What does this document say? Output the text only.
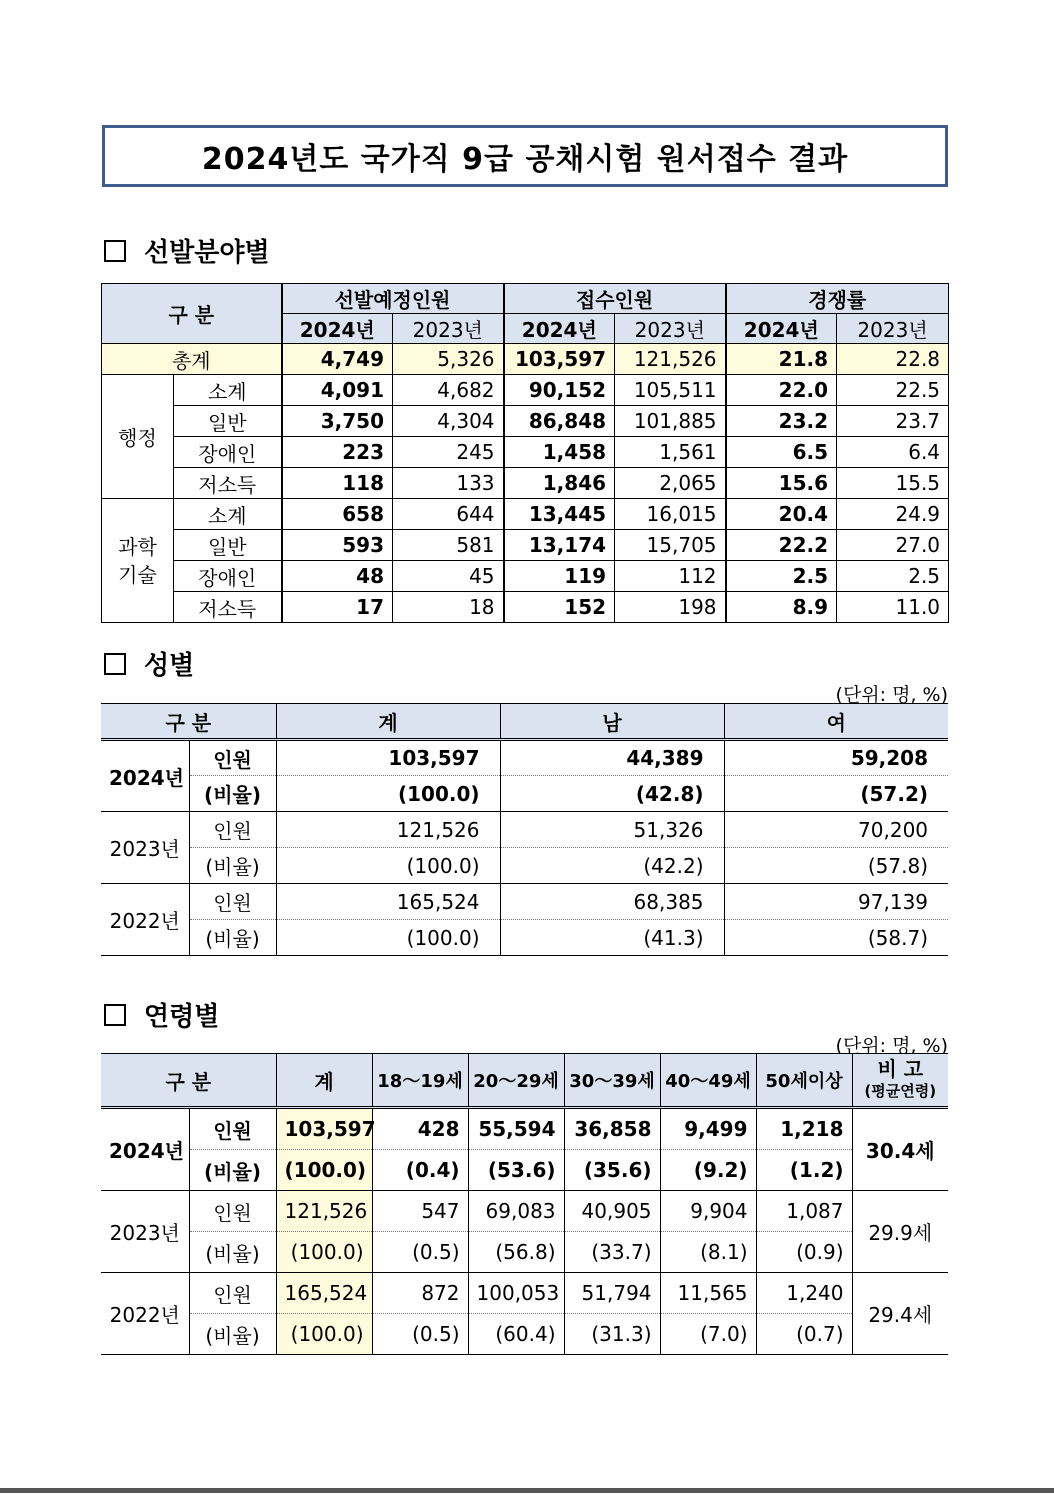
2024년도 국가직 9급 공채시험 원서접수 결과
선발분야별
구 분		선발예정인원		접수인원		경쟁률	
		2024년	2023년	2024년	2023년	2024년	2023년
총계		4,749	5,326	103,597	121,526	21.8	22.8
행정	소계	4,091	4,682	90,152	105,511	22.0	22.5
	일반	3,750	4,304	86,848	101,885	23.2	23.7
	장애인	223	245	1,458	1,561	6.5	6.4
	저소득	118	133	1,846	2,065	15.6	15.5
과학
기술	소계	658	644	13,445	16,015	20.4	24.9
	일반	593	581	13,174	15,705	22.2	27.0
	장애인	48	45	119	112	2.5	2.5
	저소득	17	18	152	198	8.9	11.0
성별
(단위: 명, %)
구 분		계	남	여
2024년	인원	103,597	44,389	59,208
	(비율)	(100.0)	(42.8)	(57.2)
2023년	인원	121,526	51,326	70,200
	(비율)	(100.0)	(42.2)	(57.8)
2022년	인원	165,524	68,385	97,139
	(비율)	(100.0)	(41.3)	(58.7)
연령별
(단위: 명, %)
구 분		계	18～19세	20～29세	30～39세	40～49세	50세이상	비 고
(평균연령)

2024년	인원	103,597	428	55,594	36,858	9,499	1,218	30.4세
	(비율)	(100.0)	(0.4)	(53.6)	(35.6)	(9.2)	(1.2)	
2023년	인원	121,526	547	69,083	40,905	9,904	1,087	29.9세
	(비율)	(100.0)	(0.5)	(56.8)	(33.7)	(8.1)	(0.9)	
2022년	인원	165,524	872	100,053	51,794	11,565	1,240	29.4세
	(비율)	(100.0)	(0.5)	(60.4)	(31.3)	(7.0)	(0.7)	
